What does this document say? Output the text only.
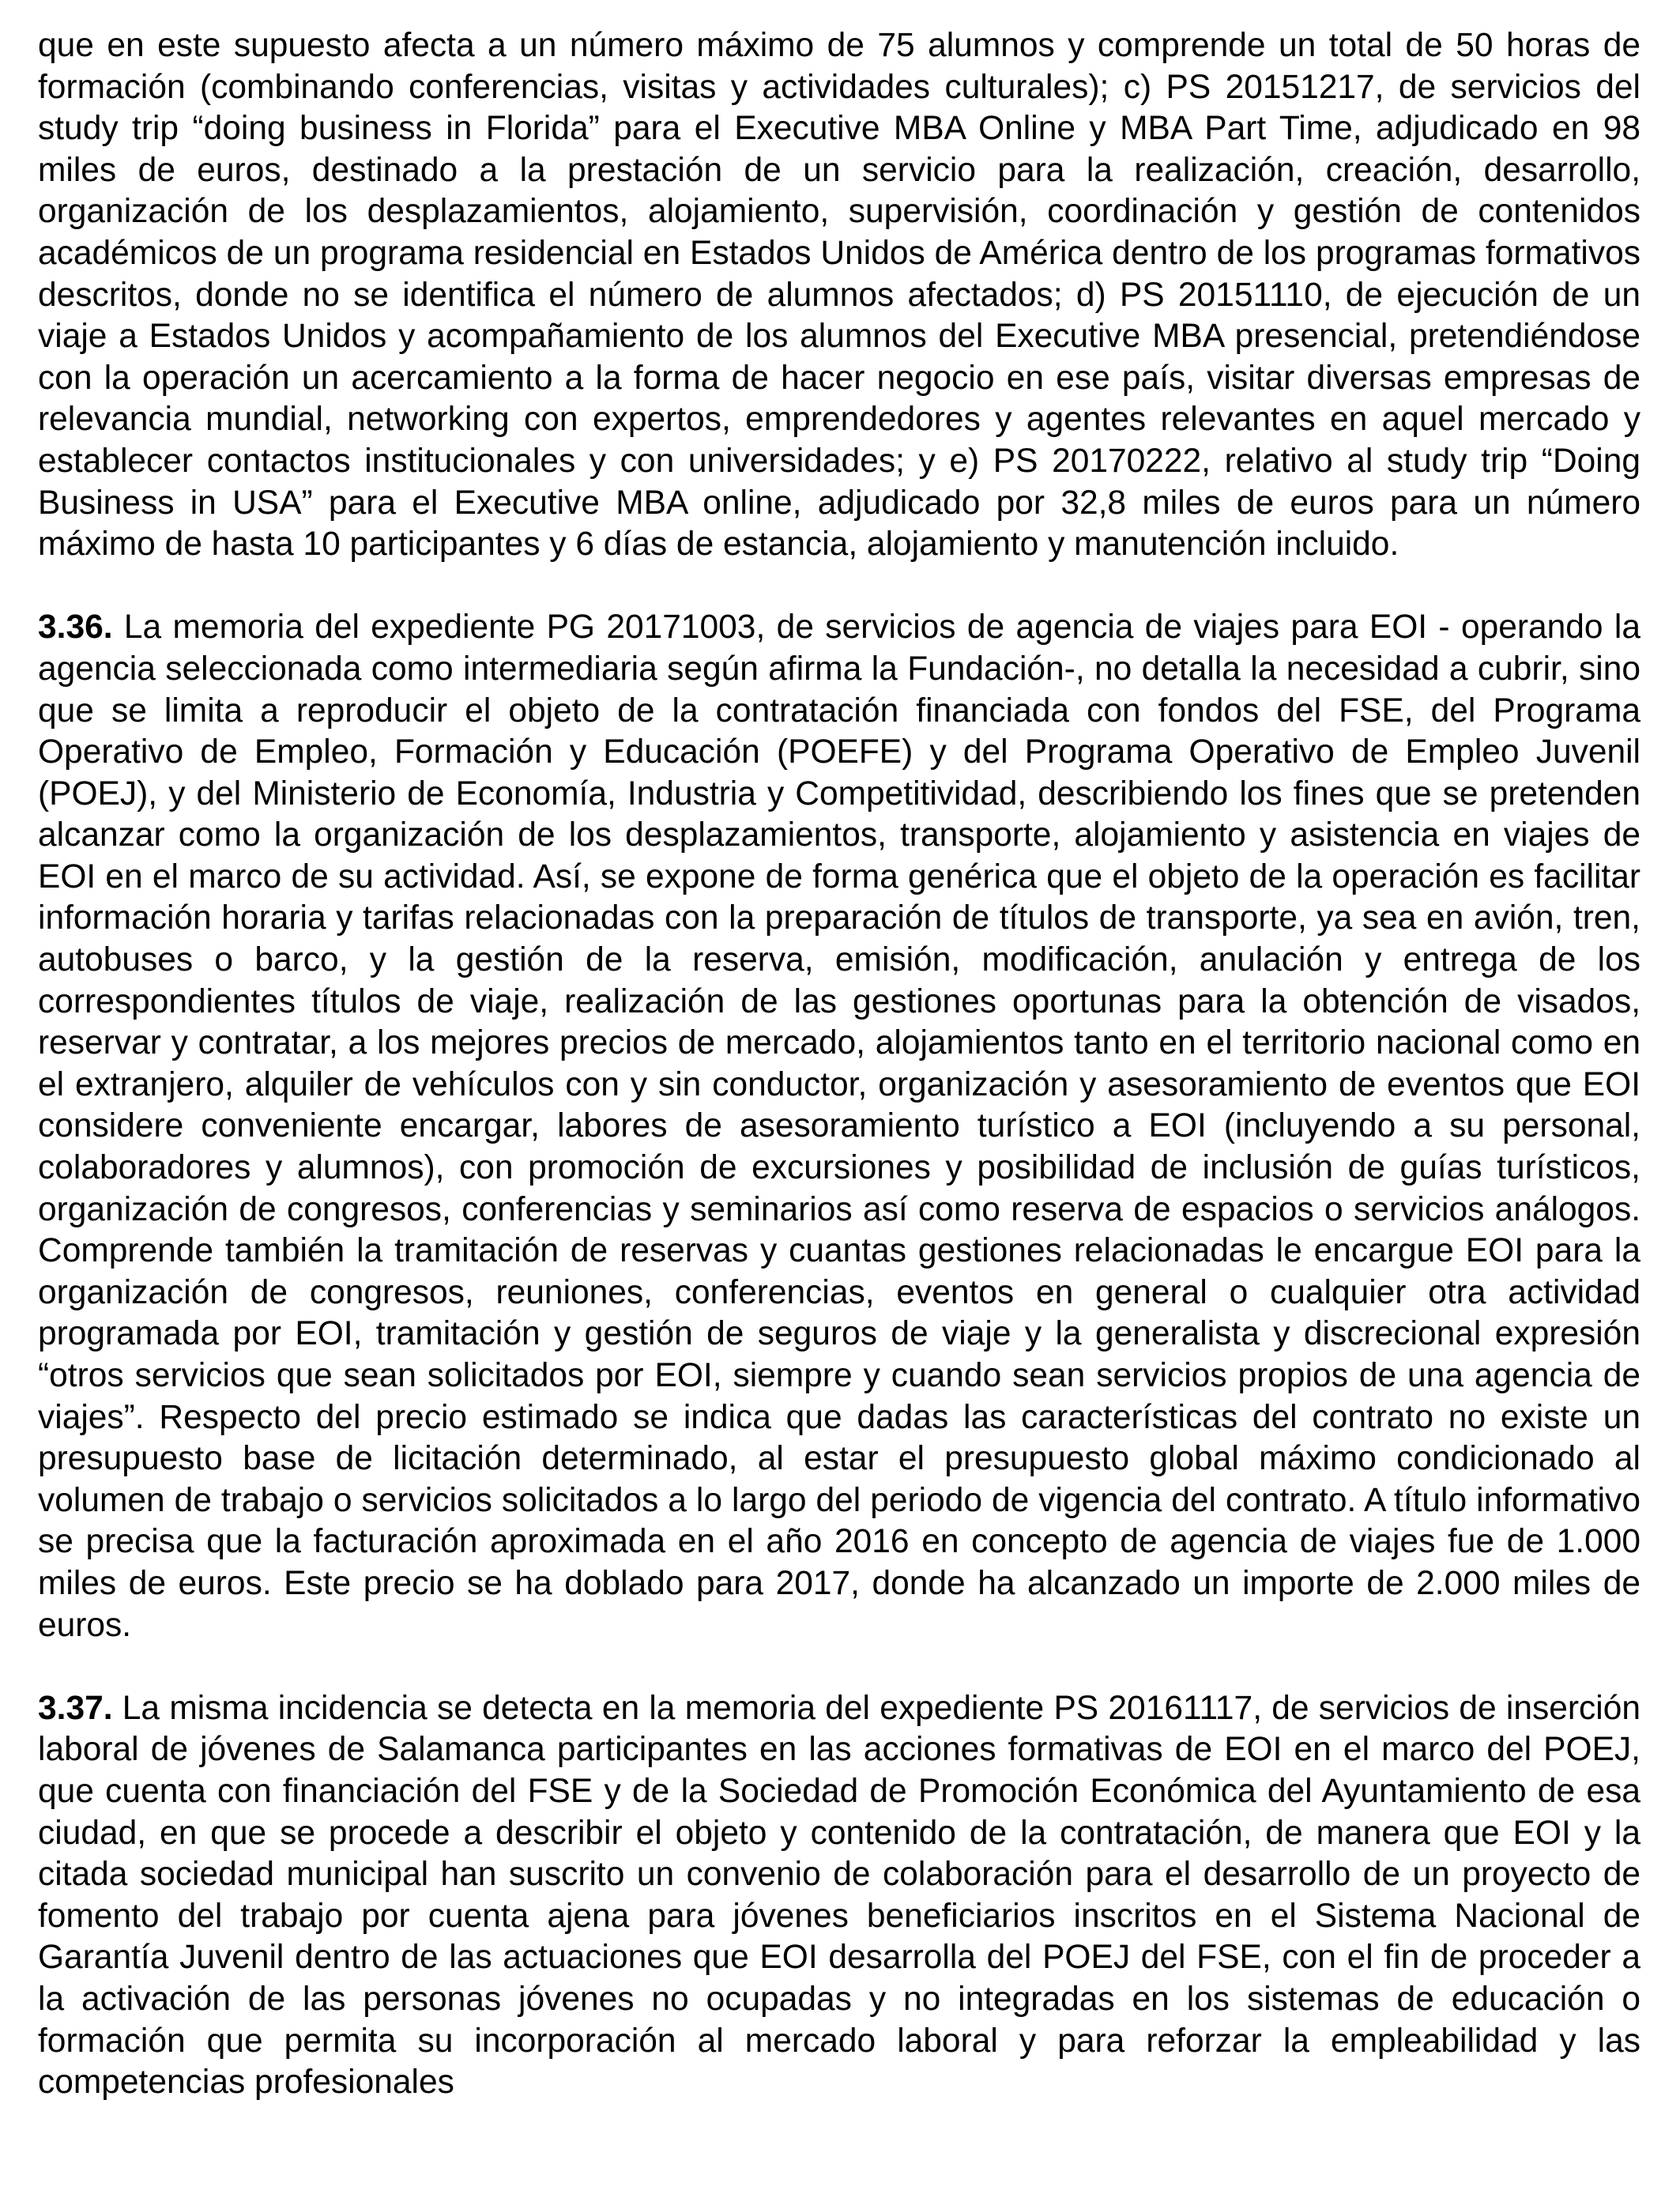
que en este supuesto afecta a un número máximo de 75 alumnos y comprende un total de 50 horas de formación (combinando conferencias, visitas y actividades culturales); c) PS 20151217, de servicios del study trip “doing business in Florida” para el Executive MBA Online y MBA Part Time, adjudicado en 98 miles de euros, destinado a la prestación de un servicio para la realización, creación, desarrollo, organización de los desplazamientos, alojamiento, supervisión, coordinación y gestión de contenidos académicos de un programa residencial en Estados Unidos de América dentro de los programas formativos descritos, donde no se identifica el número de alumnos afectados; d) PS 20151110, de ejecución de un viaje a Estados Unidos y acompañamiento de los alumnos del Executive MBA presencial, pretendiéndose con la operación un acercamiento a la forma de hacer negocio en ese país, visitar diversas empresas de relevancia mundial, networking con expertos, emprendedores y agentes relevantes en aquel mercado y establecer contactos institucionales y con universidades; y e) PS 20170222, relativo al study trip “Doing Business in USA” para el Executive MBA online, adjudicado por 32,8 miles de euros para un número máximo de hasta 10 participantes y 6 días de estancia, alojamiento y manutención incluido.

3.36. La memoria del expediente PG 20171003, de servicios de agencia de viajes para EOI - operando la agencia seleccionada como intermediaria según afirma la Fundación-, no detalla la necesidad a cubrir, sino que se limita a reproducir el objeto de la contratación financiada con fondos del FSE, del Programa Operativo de Empleo, Formación y Educación (POEFE) y del Programa Operativo de Empleo Juvenil (POEJ), y del Ministerio de Economía, Industria y Competitividad, describiendo los fines que se pretenden alcanzar como la organización de los desplazamientos, transporte, alojamiento y asistencia en viajes de EOI en el marco de su actividad. Así, se expone de forma genérica que el objeto de la operación es facilitar información horaria y tarifas relacionadas con la preparación de títulos de transporte, ya sea en avión, tren, autobuses o barco, y la gestión de la reserva, emisión, modificación, anulación y entrega de los correspondientes títulos de viaje, realización de las gestiones oportunas para la obtención de visados, reservar y contratar, a los mejores precios de mercado, alojamientos tanto en el territorio nacional como en el extranjero, alquiler de vehículos con y sin conductor, organización y asesoramiento de eventos que EOI considere conveniente encargar, labores de asesoramiento turístico a EOI (incluyendo a su personal, colaboradores y alumnos), con promoción de excursiones y posibilidad de inclusión de guías turísticos, organización de congresos, conferencias y seminarios así como reserva de espacios o servicios análogos. Comprende también la tramitación de reservas y cuantas gestiones relacionadas le encargue EOI para la organización de congresos, reuniones, conferencias, eventos en general o cualquier otra actividad programada por EOI, tramitación y gestión de seguros de viaje y la generalista y discrecional expresión “otros servicios que sean solicitados por EOI, siempre y cuando sean servicios propios de una agencia de viajes”. Respecto del precio estimado se indica que dadas las características del contrato no existe un presupuesto base de licitación determinado, al estar el presupuesto global máximo condicionado al volumen de trabajo o servicios solicitados a lo largo del periodo de vigencia del contrato. A título informativo se precisa que la facturación aproximada en el año 2016 en concepto de agencia de viajes fue de 1.000 miles de euros. Este precio se ha doblado para 2017, donde ha alcanzado un importe de 2.000 miles de euros.

3.37. La misma incidencia se detecta en la memoria del expediente PS 20161117, de servicios de inserción laboral de jóvenes de Salamanca participantes en las acciones formativas de EOI en el marco del POEJ, que cuenta con financiación del FSE y de la Sociedad de Promoción Económica del Ayuntamiento de esa ciudad, en que se procede a describir el objeto y contenido de la contratación, de manera que EOI y la citada sociedad municipal han suscrito un convenio de colaboración para el desarrollo de un proyecto de fomento del trabajo por cuenta ajena para jóvenes beneficiarios inscritos en el Sistema Nacional de Garantía Juvenil dentro de las actuaciones que EOI desarrolla del POEJ del FSE, con el fin de proceder a la activación de las personas jóvenes no ocupadas y no integradas en los sistemas de educación o formación que permita su incorporación al mercado laboral y para reforzar la empleabilidad y las competencias profesionales
